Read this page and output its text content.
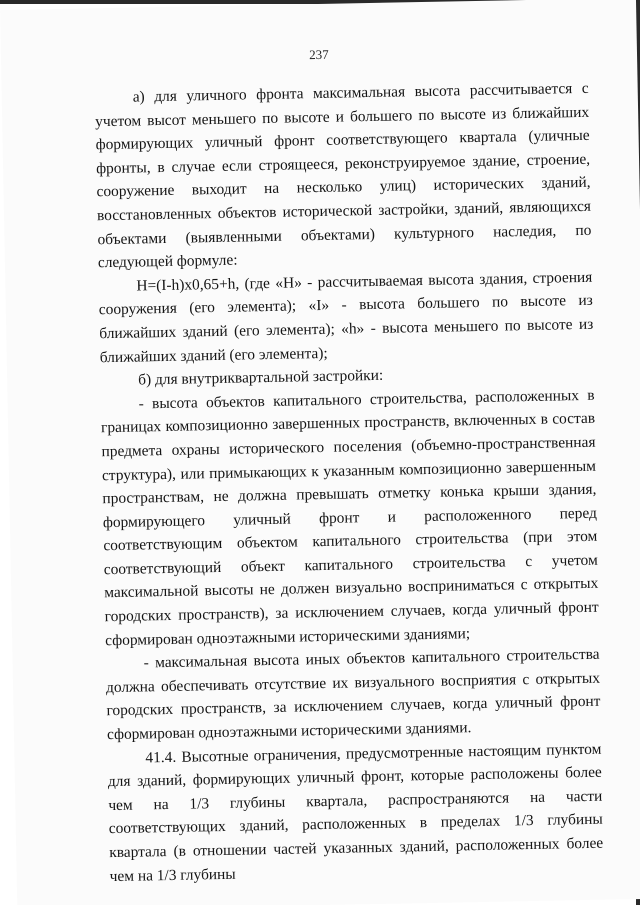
237

а) для уличного фронта максимальная высота рассчитывается с учетом высот меньшего по высоте и большего по высоте из ближайших формирующих уличный фронт соответствующего квартала (уличные фронты, в случае если строящееся, реконструируемое здание, строение, сооружение выходит на несколько улиц) исторических зданий, восстановленных объектов исторической застройки, зданий, являющихся объектами (выявленными объектами) культурного наследия, по следующей формуле:

H=(I-h)x0,65+h, (где «H» - рассчитываемая высота здания, строения сооружения (его элемента); «I» - высота большего по высоте из ближайших зданий (его элемента); «h» - высота меньшего по высоте из ближайших зданий (его элемента);

б) для внутриквартальной застройки:

- высота объектов капитального строительства, расположенных в границах композиционно завершенных пространств, включенных в состав предмета охраны исторического поселения (объемно-пространственная структура), или примыкающих к указанным композиционно завершенным пространствам, не должна превышать отметку конька крыши здания, формирующего уличный фронт и расположенного перед соответствующим объектом капитального строительства (при этом соответствующий объект капитального строительства с учетом максимальной высоты не должен визуально восприниматься с открытых городских пространств), за исключением случаев, когда уличный фронт сформирован одноэтажными историческими зданиями;

- максимальная высота иных объектов капитального строительства должна обеспечивать отсутствие их визуального восприятия с открытых городских пространств, за исключением случаев, когда уличный фронт сформирован одноэтажными историческими зданиями.

41.4. Высотные ограничения, предусмотренные настоящим пунктом для зданий, формирующих уличный фронт, которые расположены более чем на 1/3 глубины квартала, распространяются на части соответствующих зданий, расположенных в пределах 1/3 глубины квартала (в отношении частей указанных зданий, расположенных более чем на 1/3 глубины
